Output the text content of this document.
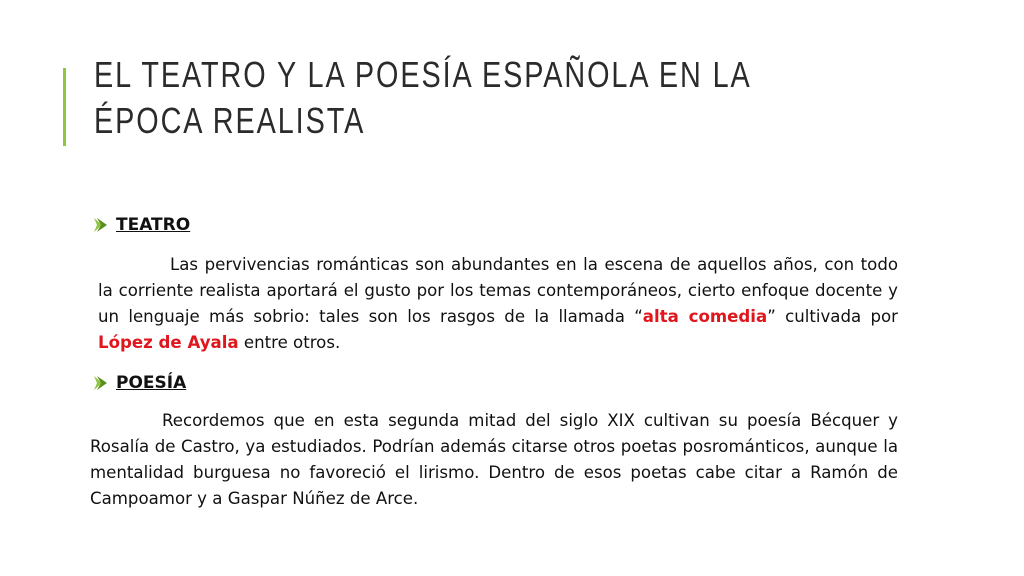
EL TEATRO Y LA POESÍA ESPAÑOLA EN LA ÉPOCA REALISTA
TEATRO

Las pervivencias románticas son abundantes en la escena de aquellos años, con todo la corriente realista aportará el gusto por los temas contemporáneos, cierto enfoque docente y un lenguaje más sobrio: tales son los rasgos de la llamada “alta comedia” cultivada por López de Ayala entre otros.

POESÍA

Recordemos que en esta segunda mitad del siglo XIX cultivan su poesía Bécquer y Rosalía de Castro, ya estudiados. Podrían además citarse otros poetas posrománticos, aunque la mentalidad burguesa no favoreció el lirismo. Dentro de esos poetas cabe citar a Ramón de Campoamor y a Gaspar Núñez de Arce.
